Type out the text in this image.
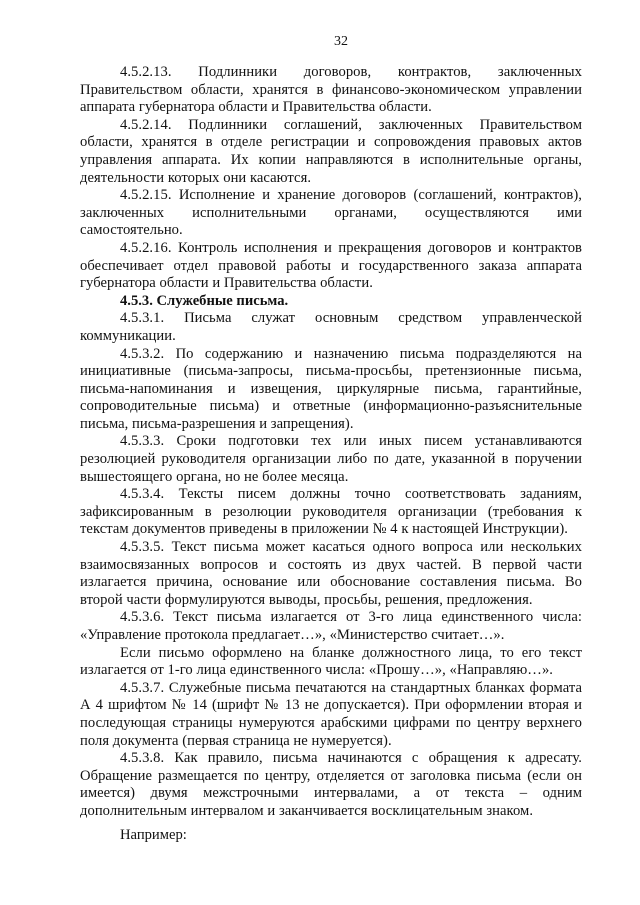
32

4.5.2.13. Подлинники договоров, контрактов, заключенных Правительством области, хранятся в финансово-экономическом управлении аппарата губернатора области и Правительства области.

4.5.2.14. Подлинники соглашений, заключенных Правительством области, хранятся в отделе регистрации и сопровождения правовых актов управления аппарата. Их копии направляются в исполнительные органы, деятельности которых они касаются.

4.5.2.15. Исполнение и хранение договоров (соглашений, контрактов), заключенных исполнительными органами, осуществляются ими самостоятельно.

4.5.2.16. Контроль исполнения и прекращения договоров и контрактов обеспечивает отдел правовой работы и государственного заказа аппарата губернатора области и Правительства области.

4.5.3. Служебные письма.

4.5.3.1. Письма служат основным средством управленческой коммуникации.

4.5.3.2. По содержанию и назначению письма подразделяются на инициативные (письма-запросы, письма-просьбы, претензионные письма, письма-напоминания и извещения, циркулярные письма, гарантийные, сопроводительные письма) и ответные (информационно-разъяснительные письма, письма-разрешения и запрещения).

4.5.3.3. Сроки подготовки тех или иных писем устанавливаются резолюцией руководителя организации либо по дате, указанной в поручении вышестоящего органа, но не более месяца.

4.5.3.4. Тексты писем должны точно соответствовать заданиям, зафиксированным в резолюции руководителя организации (требования к текстам документов приведены в приложении № 4 к настоящей Инструкции).

4.5.3.5. Текст письма может касаться одного вопроса или нескольких взаимосвязанных вопросов и состоять из двух частей. В первой части излагается причина, основание или обоснование составления письма. Во второй части формулируются выводы, просьбы, решения, предложения.

4.5.3.6. Текст письма излагается от 3-го лица единственного числа: «Управление протокола предлагает…», «Министерство считает…».

Если письмо оформлено на бланке должностного лица, то его текст излагается от 1-го лица единственного числа: «Прошу…», «Направляю…».

4.5.3.7. Служебные письма печатаются на стандартных бланках формата А 4 шрифтом № 14 (шрифт № 13 не допускается). При оформлении вторая и последующая страницы нумеруются арабскими цифрами по центру верхнего поля документа (первая страница не нумеруется).

4.5.3.8. Как правило, письма начинаются с обращения к адресату. Обращение размещается по центру, отделяется от заголовка письма (если он имеется) двумя межстрочными интервалами, а от текста – одним дополнительным интервалом и заканчивается восклицательным знаком.

Например:
